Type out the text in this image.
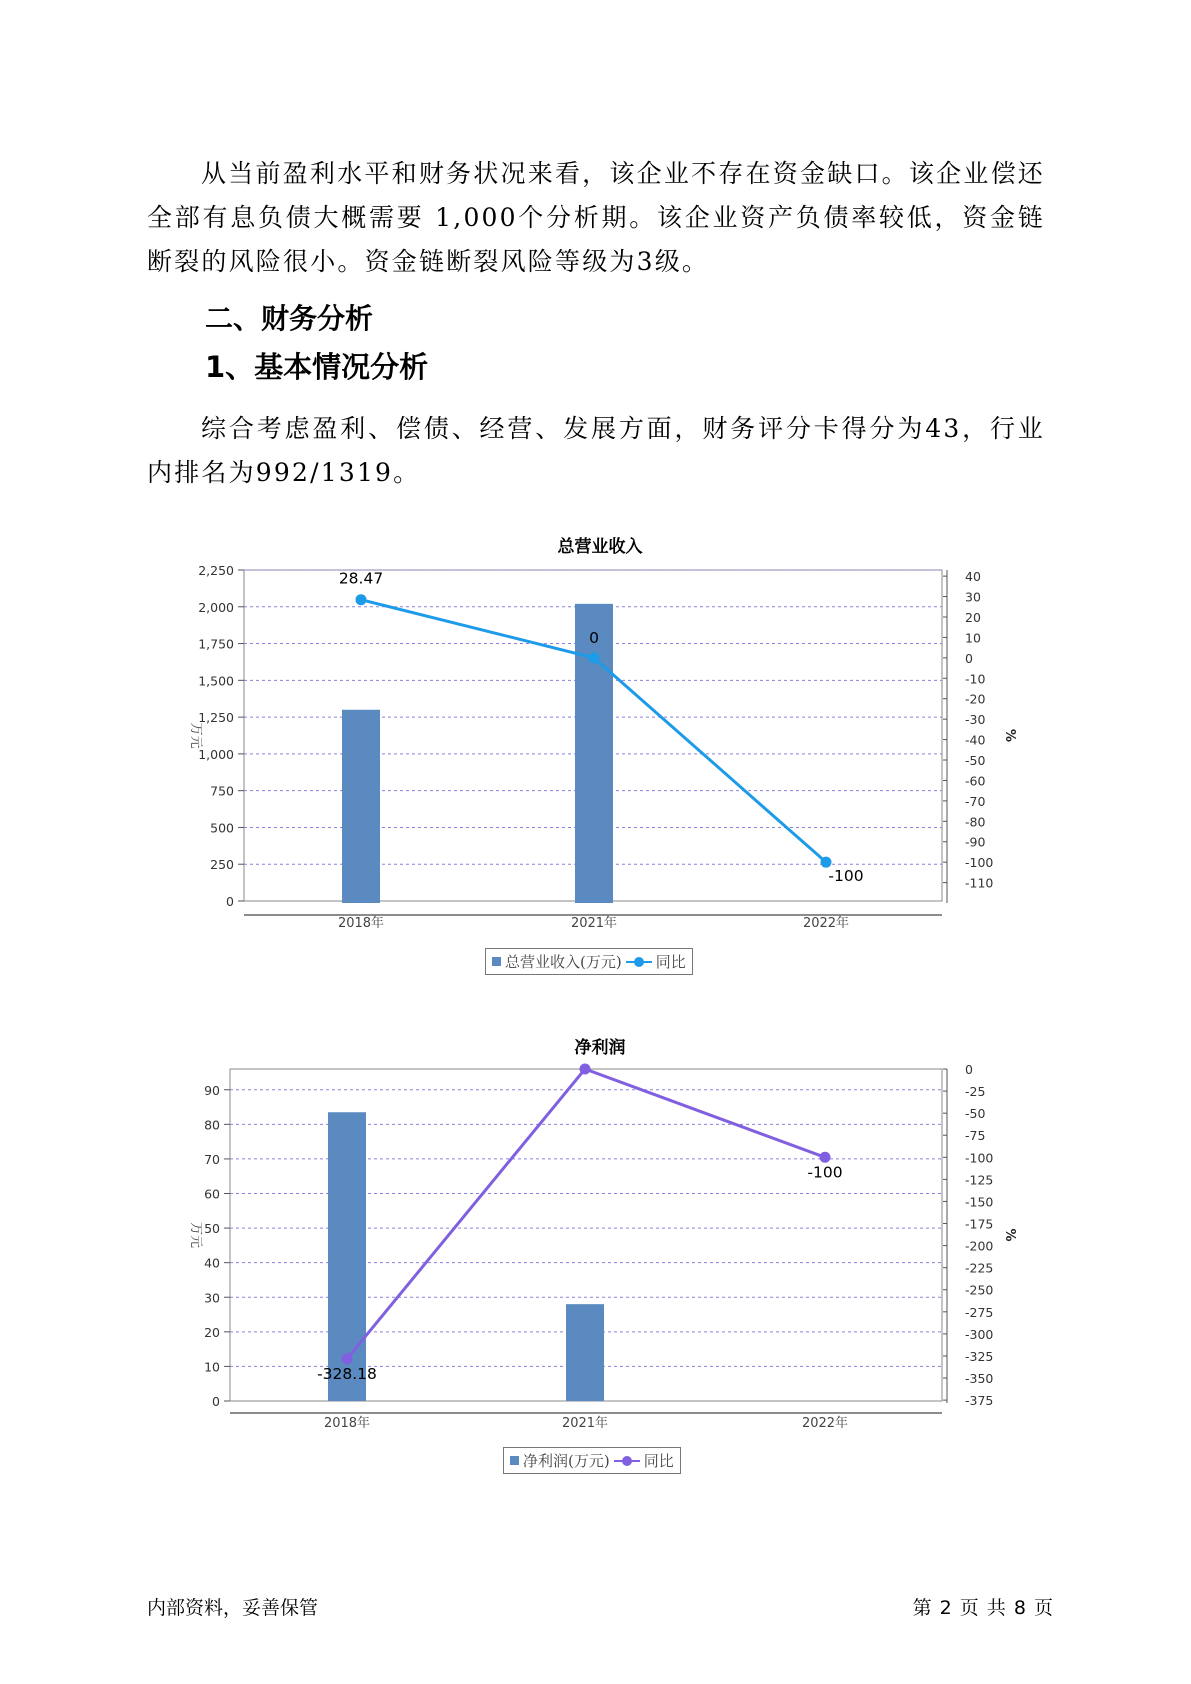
从当前盈利水平和财务状况来看，该企业不存在资金缺口。该企业偿还全部有息负债大概需要 1,000个分析期。该企业资产负债率较低，资金链断裂的风险很小。资金链断裂风险等级为3级。
二、财务分析
1、基本情况分析
综合考虑盈利、偿债、经营、发展方面，财务评分卡得分为43，行业内排名为992/1319。
总营业收入
0
250
500
750
1,000
1,250
1,500
1,750
2,000
2,250	40
30
20
10
0
-10
-20
-30
-40
-50
-60
-70
-80
-90
-100
-110
万元	%
2018年	2021年	2022年
28.47
0
-100
总营业收入(万元) 同比
净利润
0
10
20
30
40
50
60
70
80
90
0
-25
-50
-75
-100
-125
-150
-175
-200
-225
-250
-275
-300
-325
-350
-375
万元	%
2018年	2021年	2022年
-328.18
-100
净利润(万元) 同比
内部资料，妥善保管	第 2 页 共 8 页
